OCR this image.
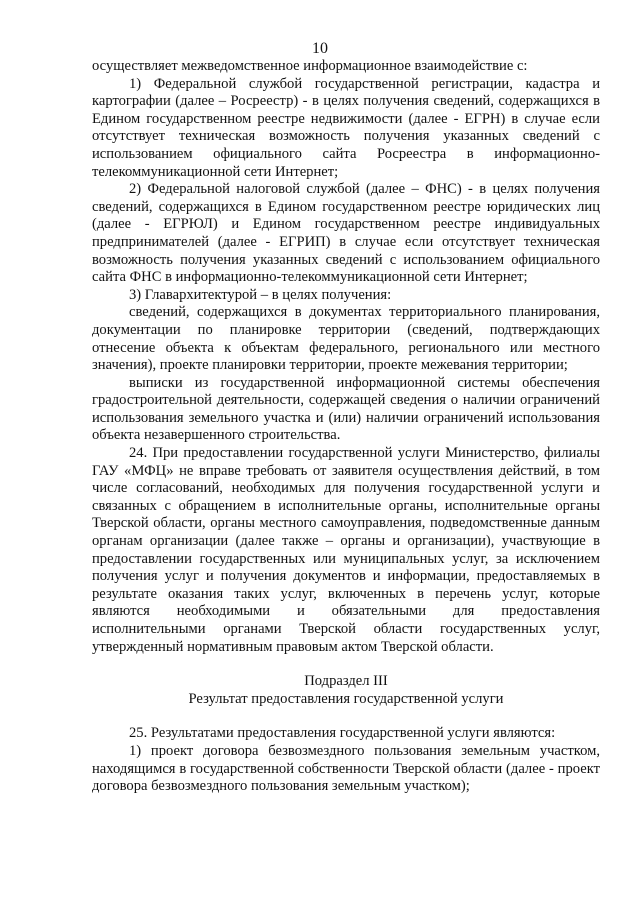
10

осуществляет межведомственное информационное взаимодействие с:

1) Федеральной службой государственной регистрации, кадастра и картографии (далее – Росреестр) - в целях получения сведений, содержащихся в Едином государственном реестре недвижимости (далее - ЕГРН) в случае если отсутствует техническая возможность получения указанных сведений с использованием официального сайта Росреестра в информационно-телекоммуникационной сети Интернет;

2) Федеральной налоговой службой (далее – ФНС) - в целях получения сведений, содержащихся в Едином государственном реестре юридических лиц (далее - ЕГРЮЛ) и Едином государственном реестре индивидуальных предпринимателей (далее - ЕГРИП) в случае если отсутствует техническая возможность получения указанных сведений с использованием официального сайта ФНС в информационно-телекоммуникационной сети Интернет;

3) Главархитектурой – в целях получения:

сведений, содержащихся в документах территориального планирования, документации по планировке территории (сведений, подтверждающих отнесение объекта к объектам федерального, регионального или местного значения), проекте планировки территории, проекте межевания территории;

выписки из государственной информационной системы обеспечения градостроительной деятельности, содержащей сведения о наличии ограничений использования земельного участка и (или) наличии ограничений использования объекта незавершенного строительства.

24. При предоставлении государственной услуги Министерство, филиалы ГАУ «МФЦ» не вправе требовать от заявителя осуществления действий, в том числе согласований, необходимых для получения государственной услуги и связанных с обращением в исполнительные органы, исполнительные органы Тверской области, органы местного самоуправления, подведомственные данным органам организации (далее также – органы и организации), участвующие в предоставлении государственных или муниципальных услуг, за исключением получения услуг и получения документов и информации, предоставляемых в результате оказания таких услуг, включенных в перечень услуг, которые являются необходимыми и обязательными для предоставления исполнительными органами Тверской области государственных услуг, утвержденный нормативным правовым актом Тверской области.

Подраздел III

Результат предоставления государственной услуги

25. Результатами предоставления государственной услуги являются:

1) проект договора безвозмездного пользования земельным участком, находящимся в государственной собственности Тверской области (далее - проект договора безвозмездного пользования земельным участком);
